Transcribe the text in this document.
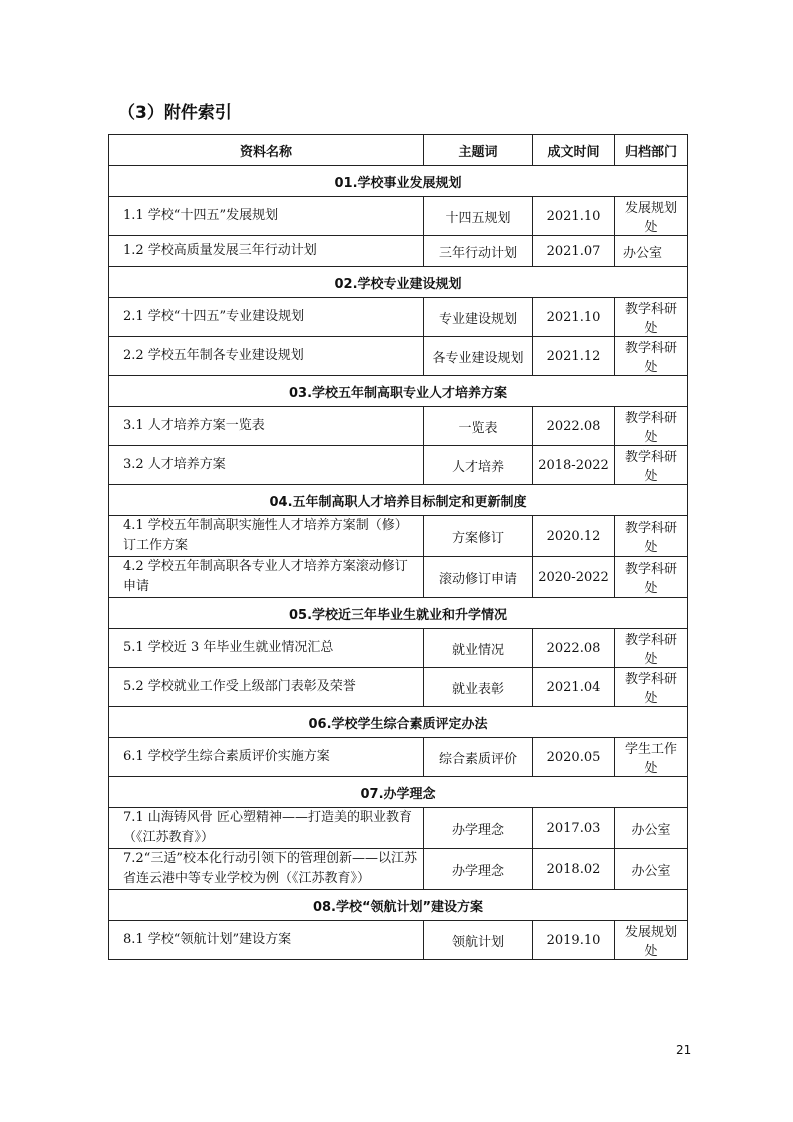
（3）附件索引
资料名称	主题词	成文时间	归档部门
01.学校事业发展规划			
1.1 学校“十四五”发展规划	十四五规划	2021.10	发展规划处
1.2 学校高质量发展三年行动计划	三年行动计划	2021.07	办公室
02.学校专业建设规划			
2.1 学校“十四五”专业建设规划	专业建设规划	2021.10	教学科研处
2.2 学校五年制各专业建设规划	各专业建设规划	2021.12	教学科研处
03.学校五年制高职专业人才培养方案			
3.1 人才培养方案一览表	一览表	2022.08	教学科研处
3.2 人才培养方案	人才培养	2018-2022	教学科研处
04.五年制高职人才培养目标制定和更新制度			
4.1 学校五年制高职实施性人才培养方案制（修）订工作方案	方案修订	2020.12	教学科研处
4.2 学校五年制高职各专业人才培养方案滚动修订申请	滚动修订申请	2020-2022	教学科研处
05.学校近三年毕业生就业和升学情况			
5.1 学校近 3 年毕业生就业情况汇总	就业情况	2022.08	教学科研处
5.2 学校就业工作受上级部门表彰及荣誉	就业表彰	2021.04	教学科研处
06.学校学生综合素质评定办法			
6.1 学校学生综合素质评价实施方案	综合素质评价	2020.05	学生工作处
07.办学理念			
7.1 山海铸风骨 匠心塑精神——打造美的职业教育（《江苏教育》）	办学理念	2017.03	办公室
7.2“三适”校本化行动引领下的管理创新——以江苏省连云港中等专业学校为例（《江苏教育》）	办学理念	2018.02	办公室
08.学校“领航计划”建设方案			
8.1 学校“领航计划”建设方案	领航计划	2019.10	发展规划处
21
